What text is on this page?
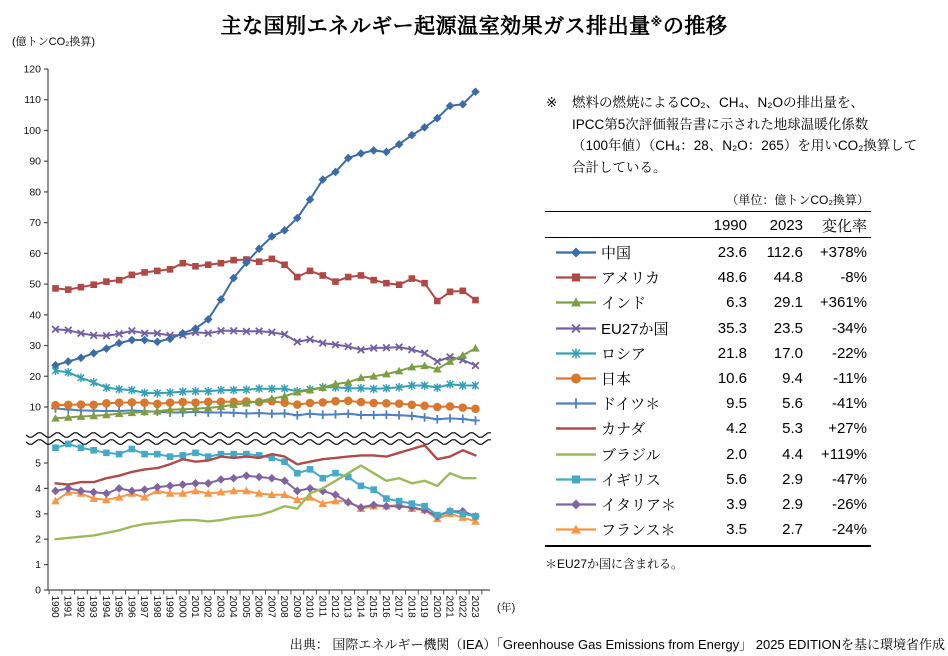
主な国別エネルギー起源温室効果ガス排出量※の推移
(億トンCO₂換算)
10
20
30
40
50
60
70
80
90
100
110
120
0
1
2
3
4
5
1990 1991 1992 1993 1994 1995 1996 1997 1998 1999 2000 2001 2002 2003 2004 2005 2006 2007 2008 2009 2010 2011 2012 2013 2014 2015 2016 2017 2018 2019 2020 2021 2022 2023 (年)
※	燃料の燃焼によるCO₂、CH₄、N₂Oの排出量を、
IPCC第5次評価報告書に示された地球温暖化係数
（100年値）（CH₄：28、N₂O：265）を用いCO₂換算して
合計している。
（単位：億トンCO₂換算）
1990	2023	変化率
中国	23.6	112.6	+378%
アメリカ	48.6	44.8	-8%
インド	6.3	29.1	+361%
EU27か国	35.3	23.5	-34%
ロシア	21.8	17.0	-22%
日本	10.6	9.4	-11%
ドイツ＊	9.5	5.6	-41%
カナダ	4.2	5.3	+27%
ブラジル	2.0	4.4	+119%
イギリス	5.6	2.9	-47%
イタリア＊	3.9	2.9	-26%
フランス＊	3.5	2.7	-24%
＊EU27か国に含まれる。
出典： 国際エネルギー機関（IEA）「Greenhouse Gas Emissions from Energy」 2025 EDITIONを基に環境省作成
